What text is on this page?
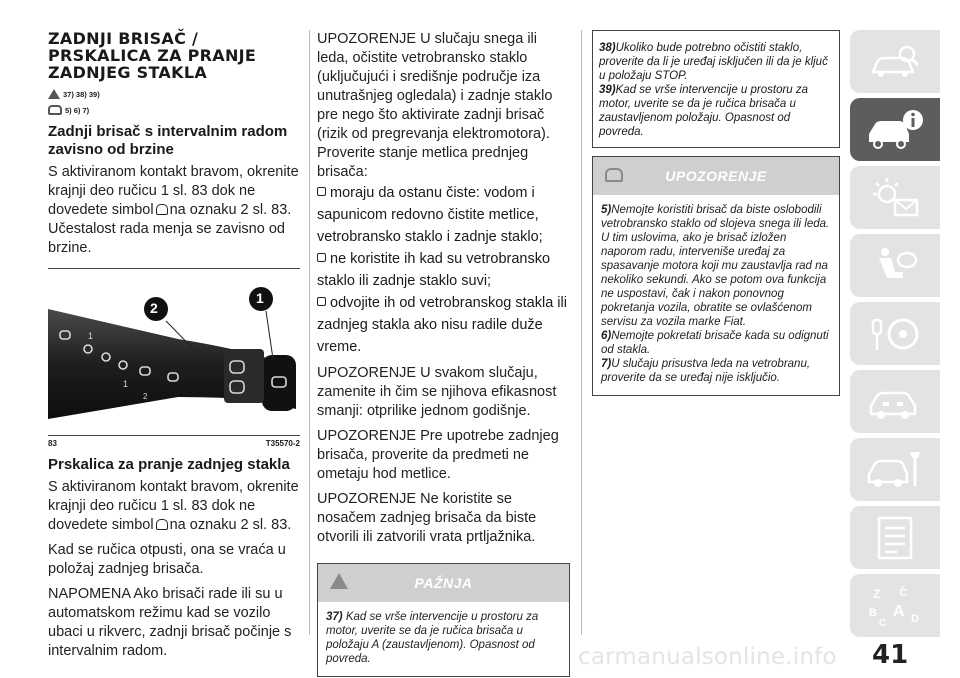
ZADNJI BRISAČ /
PRSKALICA ZA PRANJE
ZADNJEG STAKLA
37) 38) 39)
5) 6) 7)
Zadnji brisač s intervalnim radom zavisno od brzine

S aktiviranom kontakt bravom, okrenite krajnji deo ručicu 1 sl. 83 dok ne dovedete simbol na oznaku 2 sl. 83. Učestalost rada menja se zavisno od brzine.

1
1
2
2
1
83	T35570-2
Prskalica za pranje zadnjeg stakla

S aktiviranom kontakt bravom, okrenite krajnji deo ručicu 1 sl. 83 dok ne dovedete simbol na oznaku 2 sl. 83.

Kad se ručica otpusti, ona se vraća u položaj zadnjeg brisača.

NAPOMENA Ako brisači rade ili su u automatskom režimu kad se vozilo ubaci u rikverc, zadnji brisač počinje s intervalnim radom.

UPOZORENJE U slučaju snega ili leda, očistite vetrobransko staklo (uključujući i središnje područje iza unutrašnjeg ogledala) i zadnje staklo pre nego što aktivirate zadnji brisač (rizik od pregrevanja elektromotora). Proverite stanje metlica prednjeg brisača:

moraju da ostanu čiste: vodom i sapunicom redovno čistite metlice, vetrobransko staklo i zadnje staklo;
ne koristite ih kad su vetrobransko staklo ili zadnje staklo suvi;
odvojite ih od vetrobranskog stakla ili zadnjeg stakla ako nisu radile duže vreme.

UPOZORENJE U svakom slučaju, zamenite ih čim se njihova efikasnost smanji: otprilike jednom godišnje.

UPOZORENJE Pre upotrebe zadnjeg brisača, proverite da predmeti ne ometaju hod metlice.

UPOZORENJE Ne koristite se nosačem zadnjeg brisača da biste otvorili ili zatvorili vrata prtljažnika.

PAŽNJA
37) Kad se vrše intervencije u prostoru za motor, uverite se da je ručica brisača u položaju A (zaustavljenom). Opasnost od povreda.
38)Ukoliko bude potrebno očistiti staklo, proverite da li je uređaj isključen ili da je ključ u položaju STOP.
39)Kad se vrše intervencije u prostoru za motor, uverite se da je ručica brisača u zaustavljenom položaju. Opasnost od povreda.
UPOZORENJE
5)Nemojte koristiti brisač da biste oslobodili vetrobransko staklo od slojeva snega ili leda. U tim uslovima, ako je brisač izložen naporom radu, interveniše uređaj za spasavanje motora koji mu zaustavlja rad na nekoliko sekundi. Ako se potom ova funkcija ne uspostavi, čak i nakon ponovnog pokretanja vozila, obratite se ovlašćenom servisu za vozila marke Fiat.
6)Nemojte pokretati brisače kada su odignuti od stakla.
7)U slučaju prisustva leda na vetrobranu, proverite da se uređaj nije isključio.
Z Č
B A
C D
carmanualsonline.info 41
